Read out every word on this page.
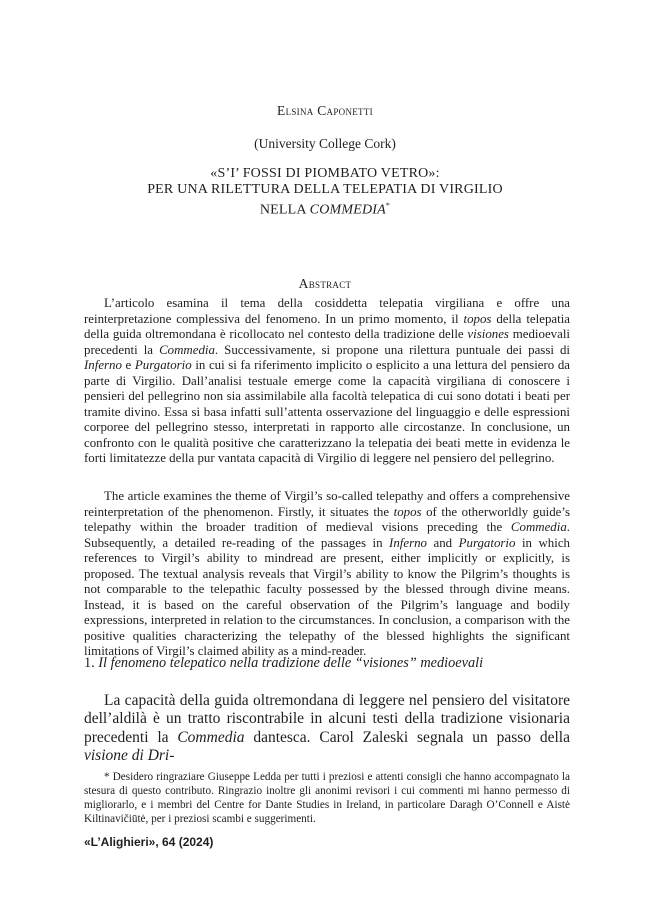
Elsina Caponetti
(University College Cork)
«S’I’ FOSSI DI PIOMBATO VETRO»:
PER UNA RILETTURA DELLA TELEPATIA DI VIRGILIO
NELLA COMMEDIA*
Abstract

L’articolo esamina il tema della cosiddetta telepatia virgiliana e offre una reinterpretazione complessiva del fenomeno. In un primo momento, il topos della telepatia della guida oltremondana è ricollocato nel contesto della tradizione delle visiones medioevali precedenti la Commedia. Successivamente, si propone una rilettura puntuale dei passi di Inferno e Purgatorio in cui si fa riferimento implicito o esplicito a una lettura del pensiero da parte di Virgilio. Dall’analisi testuale emerge come la capacità virgiliana di conoscere i pensieri del pellegrino non sia assimilabile alla facoltà telepatica di cui sono dotati i beati per tramite divino. Essa si basa infatti sull’attenta osservazione del linguaggio e delle espressioni corporee del pellegrino stesso, interpretati in rapporto alle circostanze. In conclusione, un confronto con le qualità positive che caratterizzano la telepatia dei beati mette in evidenza le forti limitatezze della pur vantata capacità di Virgilio di leggere nel pensiero del pellegrino.

The article examines the theme of Virgil’s so-called telepathy and offers a comprehensive reinterpretation of the phenomenon. Firstly, it situates the topos of the otherworldly guide’s telepathy within the broader tradition of medieval visions preceding the Commedia. Subsequently, a detailed re-reading of the passages in Inferno and Purgatorio in which references to Virgil’s ability to mindread are present, either implicitly or explicitly, is proposed. The textual analysis reveals that Virgil’s ability to know the Pilgrim’s thoughts is not comparable to the telepathic faculty possessed by the blessed through divine means. Instead, it is based on the careful observation of the Pilgrim’s language and bodily expressions, interpreted in relation to the circumstances. In conclusion, a comparison with the positive qualities characterizing the telepathy of the blessed highlights the significant limitations of Virgil’s claimed ability as a mind-reader.

1. Il fenomeno telepatico nella tradizione delle “visiones” medioevali

La capacità della guida oltremondana di leggere nel pensiero del visitatore dell’aldilà è un tratto riscontrabile in alcuni testi della tradizione visionaria precedenti la Commedia dantesca. Carol Zaleski segnala un passo della visione di Dri-

* Desidero ringraziare Giuseppe Ledda per tutti i preziosi e attenti consigli che hanno accompagnato la stesura di questo contributo. Ringrazio inoltre gli anonimi revisori i cui commenti mi hanno permesso di migliorarlo, e i membri del Centre for Dante Studies in Ireland, in particolare Daragh O’Connell e Aistė Kiltinavičiūtė, per i preziosi scambi e suggerimenti.

«L’Alighieri», 64 (2024)
